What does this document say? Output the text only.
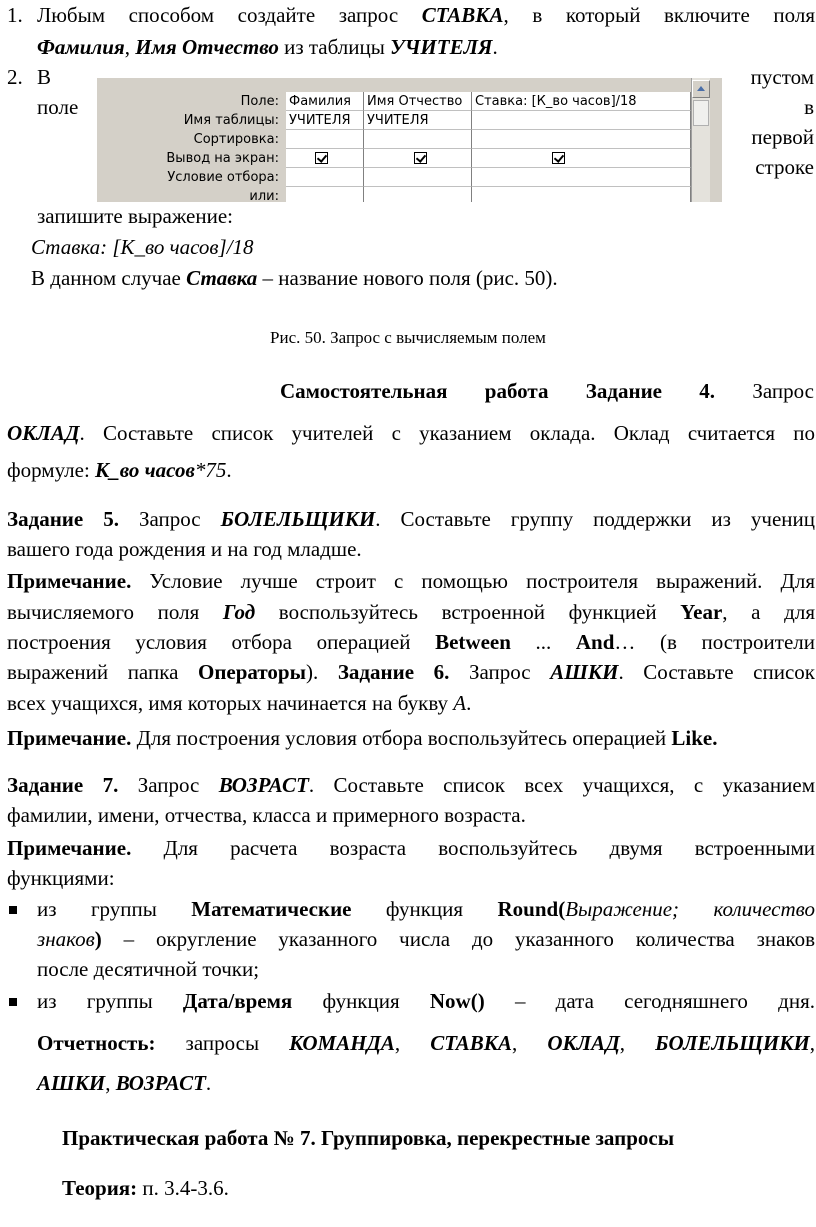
1. Любым способом создайте запрос СТАВКА, в который включите поля
Фамилия, Имя Отчество из таблицы УЧИТЕЛЯ.
2. В	пустом
поле	в
первой
строке
Поле:
Имя таблицы:
Сортировка:
Вывод на экран:
Условие отбора:
или:
Фамилия
УЧИТЕЛЯ
Имя Отчество
УЧИТЕЛЯ
Ставка: [К_во часов]/18
запишите выражение:
Ставка: [К_во часов]/18
В данном случае Ставка – название нового поля (рис. 50).
Рис. 50. Запрос с вычисляемым полем
Самостоятельная работа Задание 4. Запрос
ОКЛАД. Составьте список учителей с указанием оклада. Оклад считается по
формуле: К_во часов*75.
Задание 5. Запрос БОЛЕЛЬЩИКИ. Составьте группу поддержки из учениц
вашего года рождения и на год младше.
Примечание. Условие лучше строит с помощью построителя выражений. Для
вычисляемого поля Год воспользуйтесь встроенной функцией Year, а для
построения условия отбора операцией Between ... And… (в построители
выражений папка Операторы). Задание 6. Запрос АШКИ. Составьте список
всех учащихся, имя которых начинается на букву А.
Примечание. Для построения условия отбора воспользуйтесь операцией Like.
Задание 7. Запрос ВОЗРАСТ. Составьте список всех учащихся, с указанием
фамилии, имени, отчества, класса и примерного возраста.
Примечание. Для расчета возраста воспользуйтесь двумя встроенными
функциями:
из группы Математические функция Round(Выражение; количество
знаков) – округление указанного числа до указанного количества знаков
после десятичной точки;
из группы Дата/время функция Now() – дата сегодняшнего дня.
Отчетность: запросы КОМАНДА, СТАВКА, ОКЛАД, БОЛЕЛЬЩИКИ,
АШКИ, ВОЗРАСТ.
Практическая работа № 7. Группировка, перекрестные запросы
Теория: п. 3.4-3.6.
